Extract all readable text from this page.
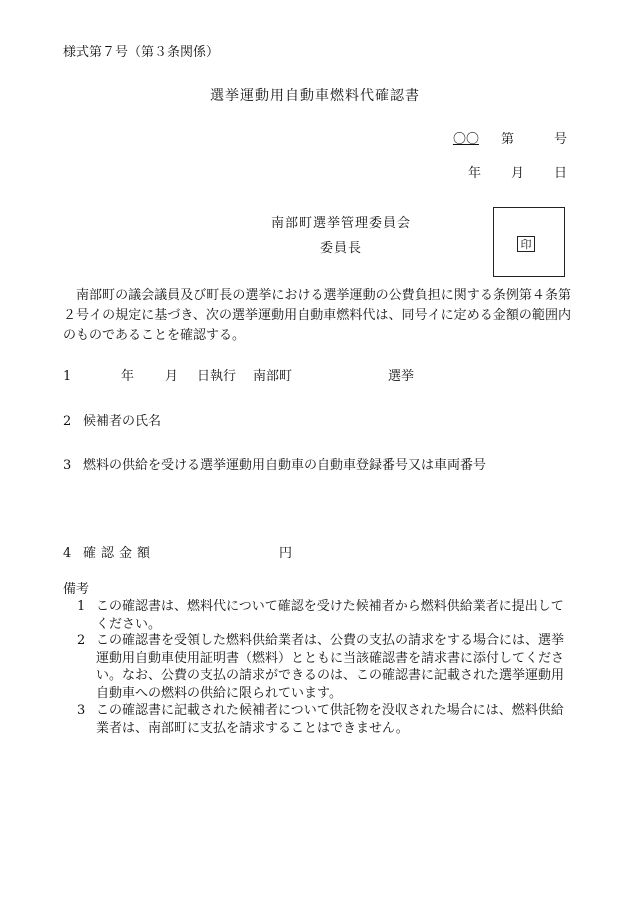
様式第７号（第３条関係）
選挙運動用自動車燃料代確認書
〇〇 第	号
年 月 日
南部町選挙管理委員会
委員長	印
南部町の議会議員及び町長の選挙における選挙運動の公費負担に関する条例第４条第２号イの規定に基づき、次の選挙運動用自動車燃料代は、同号イに定める金額の範囲内のものであることを確認する。
1	年 月 日執行 南部町	選挙
2 候補者の氏名
3 燃料の供給を受ける選挙運動用自動車の自動車登録番号又は車両番号
4 確認金額	円
備考
1 この確認書は、燃料代について確認を受けた候補者から燃料供給業者に提出してください。
2 この確認書を受領した燃料供給業者は、公費の支払の請求をする場合には、選挙運動用自動車使用証明書（燃料）とともに当該確認書を請求書に添付してください。なお、公費の支払の請求ができるのは、この確認書に記載された選挙運動用自動車への燃料の供給に限られています。
3 この確認書に記載された候補者について供託物を没収された場合には、燃料供給業者は、南部町に支払を請求することはできません。
